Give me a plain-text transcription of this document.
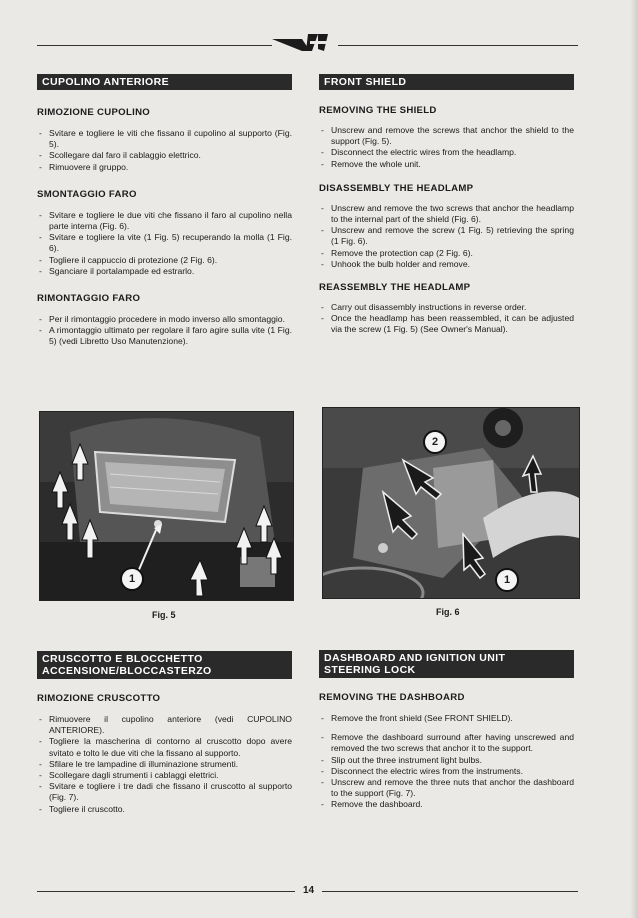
CUPOLINO ANTERIORE

RIMOZIONE CUPOLINO

- Svitare e togliere le viti che fissano il cupolino al supporto (Fig. 5).
- Scollegare dal faro il cablaggio elettrico.
- Rimuovere il gruppo.

SMONTAGGIO FARO

- Svitare e togliere le due viti che fissano il faro al cupolino nella parte interna (Fig. 6).
- Svitare e togliere la vite (1 Fig. 5) recuperando la molla (1 Fig. 6).
- Togliere il cappuccio di protezione (2 Fig. 6).
- Sganciare il portalampade ed estrarlo.

RIMONTAGGIO FARO

- Per il rimontaggio procedere in modo inverso allo smontaggio.
- A rimontaggio ultimato per regolare il faro agire sulla vite (1 Fig. 5) (vedi Libretto Uso Manutenzione).
FRONT SHIELD

REMOVING THE SHIELD

- Unscrew and remove the screws that anchor the shield to the support (Fig. 5).
- Disconnect the electric wires from the headlamp.
- Remove the whole unit.

DISASSEMBLY THE HEADLAMP

- Unscrew and remove the two screws that anchor the headlamp to the internal part of the shield (Fig. 6).
- Unscrew and remove the screw (1 Fig. 5) retrieving the spring (1 Fig. 6).
- Remove the protection cap (2 Fig. 6).
- Unhook the bulb holder and remove.

REASSEMBLY THE HEADLAMP

- Carry out disassembly instructions in reverse order.
- Once the headlamp has been reassembled, it can be adjusted via the screw (1 Fig. 5) (See Owner's Manual).
1
Fig. 5
2
1
Fig. 6
CRUSCOTTO E BLOCCHETTO
ACCENSIONE/BLOCCASTERZO

RIMOZIONE CRUSCOTTO

- Rimuovere il cupolino anteriore (vedi CUPOLINO ANTERIORE).
- Togliere la mascherina di contorno al cruscotto dopo avere svitato e tolto le due viti che la fissano al supporto.
- Sfilare le tre lampadine di illuminazione strumenti.
- Scollegare dagli strumenti i cablaggi elettrici.
- Svitare e togliere i tre dadi che fissano il cruscotto al supporto (Fig. 7).
- Togliere il cruscotto.
DASHBOARD AND IGNITION UNIT
STEERING LOCK

REMOVING THE DASHBOARD

- Remove the front shield (See FRONT SHIELD).
- Remove the dashboard surround after having unscrewed and removed the two screws that anchor it to the support.
- Slip out the three instrument light bulbs.
- Disconnect the electric wires from the instruments.
- Unscrew and remove the three nuts that anchor the dashboard to the support (Fig. 7).
- Remove the dashboard.
14
